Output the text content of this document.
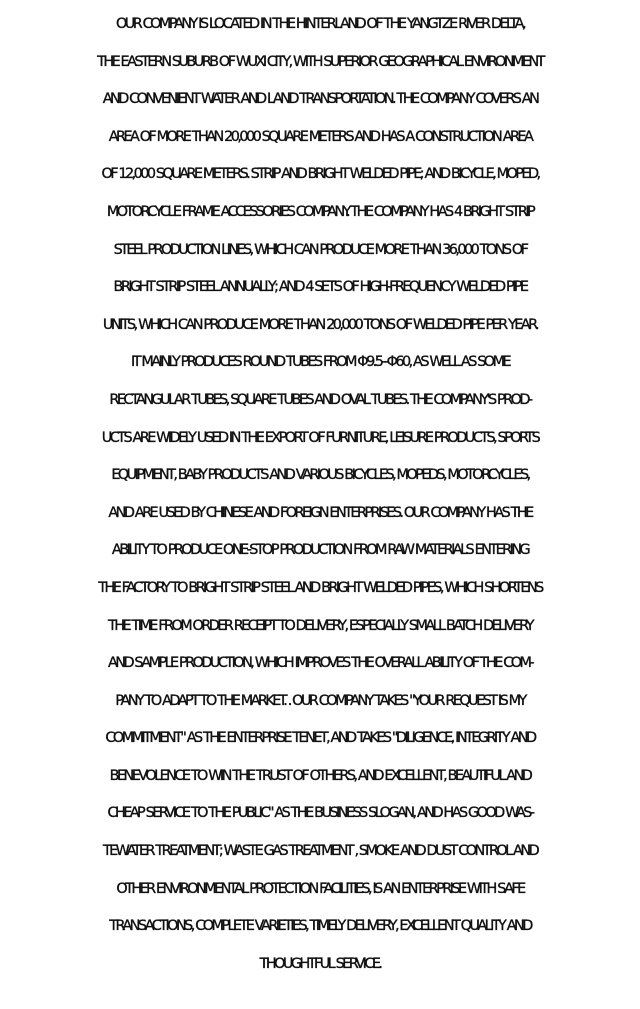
OUR COMPANY IS LOCATED IN THE HINTERLAND OF THE YANGTZE RIVER DELTA,
THE EASTERN SUBURB OF WUXI CITY, WITH SUPERIOR GEOGRAPHICAL ENVIRONMENT
AND CONVENIENT WATER AND LAND TRANSPORTATION. THE COMPANY COVERS AN
AREA OF MORE THAN 20,000 SQUARE METERS AND HAS A CONSTRUCTION AREA
OF 12,000 SQUARE METERS. STRIP AND BRIGHT WELDED PIPE; AND BICYCLE, MOPED,
MOTORCYCLE FRAME ACCESSORIES COMPANY. THE COMPANY HAS 4 BRIGHT STRIP
STEEL PRODUCTION LINES, WHICH CAN PRODUCE MORE THAN 36,000 TONS OF
BRIGHT STRIP STEEL ANNUALLY; AND 4 SETS OF HIGH-FREQUENCY WELDED PIPE
UNITS, WHICH CAN PRODUCE MORE THAN 20,000 TONS OF WELDED PIPE PER YEAR.
IT MAINLY PRODUCES ROUND TUBES FROM Φ9.5--Φ60, AS WELL AS SOME
RECTANGULAR TUBES, SQUARE TUBES AND OVAL TUBES. THE COMPANY'S PROD-
UCTS ARE WIDELY USED IN THE EXPORT OF FURNITURE, LEISURE PRODUCTS, SPORTS
EQUIPMENT, BABY PRODUCTS AND VARIOUS BICYCLES, MOPEDS, MOTORCYCLES,
AND ARE USED BY CHINESE AND FOREIGN ENTERPRISES. OUR COMPANY HAS THE
ABILITY TO PRODUCE ONE-STOP PRODUCTION FROM RAW MATERIALS ENTERING
THE FACTORY TO BRIGHT STRIP STEEL AND BRIGHT WELDED PIPES, WHICH SHORTENS
THE TIME FROM ORDER RECEIPT TO DELIVERY, ESPECIALLY SMALL BATCH DELIVERY
AND SAMPLE PRODUCTION, WHICH IMPROVES THE OVERALL ABILITY OF THE COM-
PANY TO ADAPT TO THE MARKET. . OUR COMPANY TAKES "YOUR REQUEST IS MY
COMMITMENT" AS THE ENTERPRISE TENET, AND TAKES "DILIGENCE, INTEGRITY AND
BENEVOLENCE TO WIN THE TRUST OF OTHERS, AND EXCELLENT, BEAUTIFUL AND
CHEAP SERVICE TO THE PUBLIC" AS THE BUSINESS SLOGAN, AND HAS GOOD WAS-
TEWATER TREATMENT; WASTE GAS TREATMENT , SMOKE AND DUST CONTROL AND
OTHER ENVIRONMENTAL PROTECTION FACILITIES, IS AN ENTERPRISE WITH SAFE
TRANSACTIONS, COMPLETE VARIETIES, TIMELY DELIVERY, EXCELLENT QUALITY AND
THOUGHTFUL SERVICE.
